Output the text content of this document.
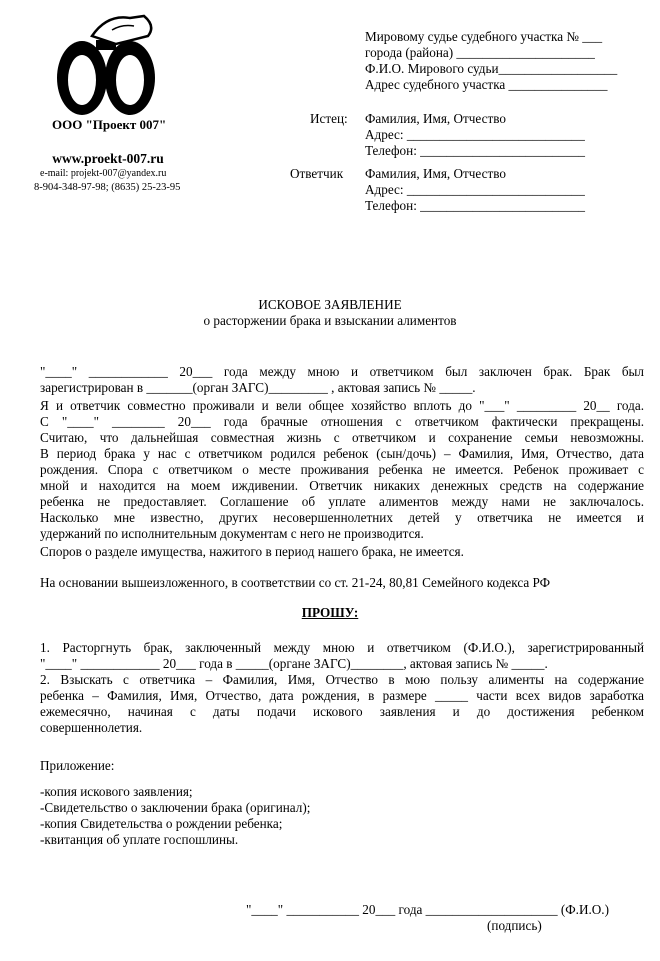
ООО "Проект 007"
www.proekt-007.ru
e-mail: projekt-007@yandex.ru
8-904-348-97-98; (8635) 25-23-95
Мировому судье судебного участка № ___
города (района) _____________________
Ф.И.О. Мирового судьи__________________
Адрес судебного участка _______________
Истец: Фамилия, Имя, Отчество
Адрес: ___________________________
Телефон: _________________________
Ответчик Фамилия, Имя, Отчество
Адрес: ___________________________
Телефон: _________________________
ИСКОВОЕ ЗАЯВЛЕНИЕ
о расторжении брака и взыскании алиментов
"____" ____________ 20___ года между мною и ответчиком был заключен брак. Брак был
зарегистрирован в _______(орган ЗАГС)_________ , актовая запись № _____.
Я и ответчик совместно проживали и вели общее хозяйство вплоть до "___" _________ 20__ года.
С "____" ________ 20___ года брачные отношения с ответчиком фактически прекращены.
Считаю, что дальнейшая совместная жизнь с ответчиком и сохранение семьи невозможны.
В период брака у нас с ответчиком родился ребенок (сын/дочь) – Фамилия, Имя, Отчество, дата
рождения. Спора с ответчиком о месте проживания ребенка не имеется. Ребенок проживает с
мной и находится на моем иждивении. Ответчик никаких денежных средств на содержание
ребенка не предоставляет. Соглашение об уплате алиментов между нами не заключалось.
Насколько мне известно, других несовершеннолетних детей у ответчика не имеется и
удержаний по исполнительным документам с него не производится.
Споров о разделе имущества, нажитого в период нашего брака, не имеется.
На основании вышеизложенного, в соответствии со ст. 21-24, 80,81 Семейного кодекса РФ
ПРОШУ:
1. Расторгнуть брак, заключенный между мною и ответчиком (Ф.И.О.), зарегистрированный
"____" ____________ 20___ года в _____(органе ЗАГС)________, актовая запись № _____.
2. Взыскать с ответчика – Фамилия, Имя, Отчество в мою пользу алименты на содержание
ребенка – Фамилия, Имя, Отчество, дата рождения, в размере _____ части всех видов заработка
ежемесячно, начиная с даты подачи искового заявления и до достижения ребенком
совершеннолетия.
Приложение:
-копия искового заявления;
-Свидетельство о заключении брака (оригинал);
-копия Свидетельства о рождении ребенка;
-квитанция об уплате госпошлины.
"____" ___________ 20___ года ____________________ (Ф.И.О.)
(подпись)
